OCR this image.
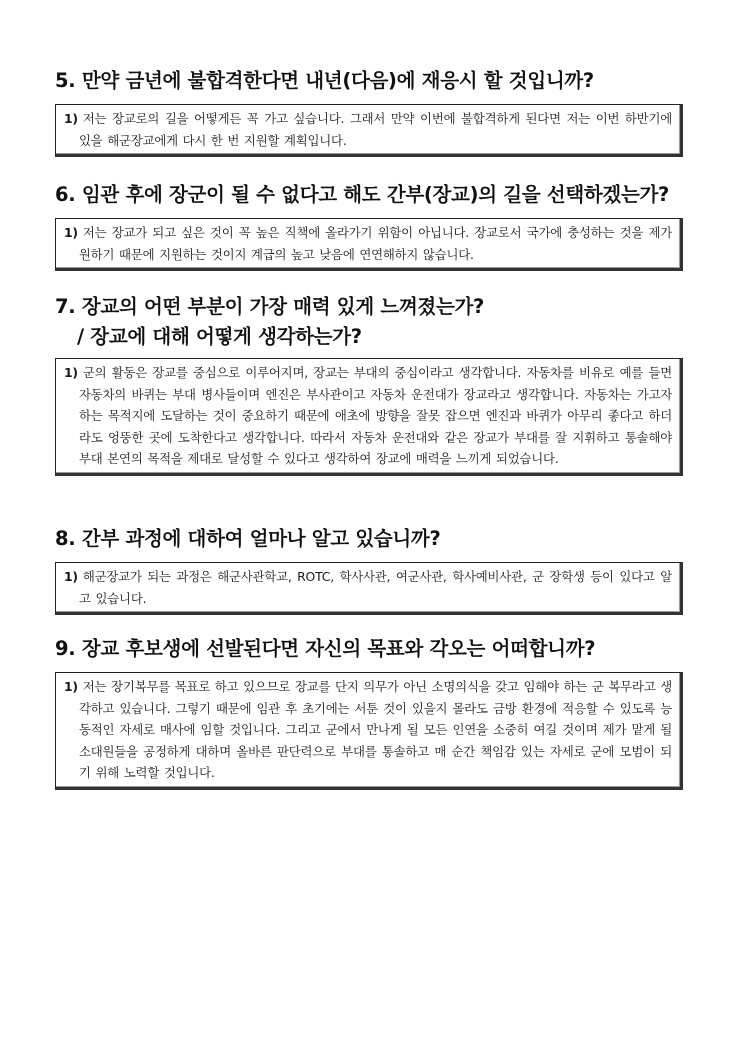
5. 만약 금년에 불합격한다면 내년(다음)에 재응시 할 것입니까?
1) 저는 장교로의 길을 어떻게든 꼭 가고 싶습니다. 그래서 만약 이번에 불합격하게 된다면 저는 이번 하반기에 있을 해군장교에게 다시 한 번 지원할 계획입니다.
6. 임관 후에 장군이 될 수 없다고 해도 간부(장교)의 길을 선택하겠는가?
1) 저는 장교가 되고 싶은 것이 꼭 높은 직책에 올라가기 위함이 아닙니다. 장교로서 국가에 충성하는 것을 제가 원하기 때문에 지원하는 것이지 계급의 높고 낮음에 연연해하지 않습니다.
7. 장교의 어떤 부분이 가장 매력 있게 느껴졌는가?
/ 장교에 대해 어떻게 생각하는가?
1) 군의 활동은 장교를 중심으로 이루어지며, 장교는 부대의 중심이라고 생각합니다. 자동차를 비유로 예를 들면 자동차의 바퀴는 부대 병사들이며 엔진은 부사관이고 자동차 운전대가 장교라고 생각합니다. 자동차는 가고자 하는 목적지에 도달하는 것이 중요하기 때문에 애초에 방향을 잘못 잡으면 엔진과 바퀴가 아무리 좋다고 하더라도 엉뚱한 곳에 도착한다고 생각합니다. 따라서 자동차 운전대와 같은 장교가 부대를 잘 지휘하고 통솔해야 부대 본연의 목적을 제대로 달성할 수 있다고 생각하여 장교에 매력을 느끼게 되었습니다.
8. 간부 과정에 대하여 얼마나 알고 있습니까?
1) 해군장교가 되는 과정은 해군사관학교, ROTC, 학사사관, 여군사관, 학사예비사관, 군 장학생 등이 있다고 알고 있습니다.
9. 장교 후보생에 선발된다면 자신의 목표와 각오는 어떠합니까?
1) 저는 장기복무를 목표로 하고 있으므로 장교를 단지 의무가 아닌 소명의식을 갖고 임해야 하는 군 복무라고 생각하고 있습니다. 그렇기 때문에 임관 후 초기에는 서툰 것이 있을지 몰라도 금방 환경에 적응할 수 있도록 능동적인 자세로 매사에 임할 것입니다. 그리고 군에서 만나게 될 모든 인연을 소중히 여길 것이며 제가 맡게 될 소대원들을 공정하게 대하며 올바른 판단력으로 부대를 통솔하고 매 순간 책임감 있는 자세로 군에 모범이 되기 위해 노력할 것입니다.
